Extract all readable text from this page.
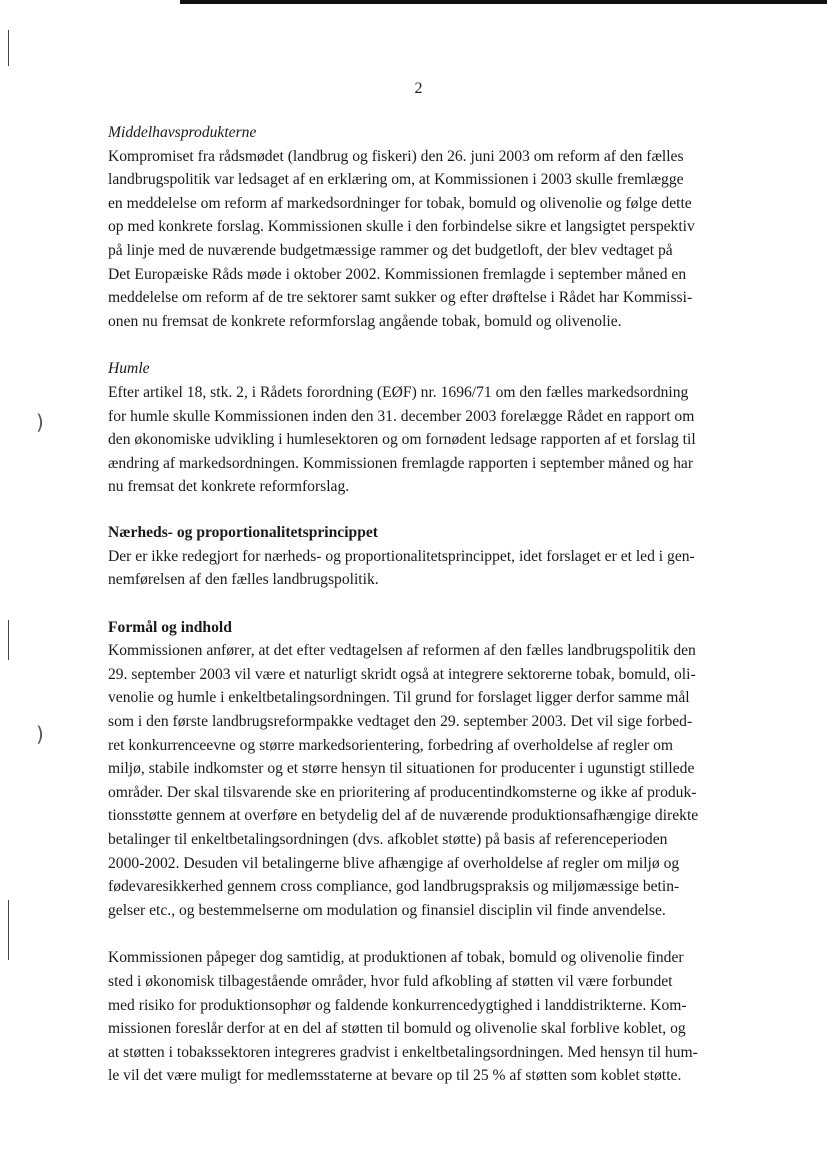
)
)
2

Middelhavsprodukterne

Kompromiset fra rådsmødet (landbrug og fiskeri) den 26. juni 2003 om reform af den fælles
landbrugspolitik var ledsaget af en erklæring om, at Kommissionen i 2003 skulle fremlægge
en meddelelse om reform af markedsordninger for tobak, bomuld og olivenolie og følge dette
op med konkrete forslag. Kommissionen skulle i den forbindelse sikre et langsigtet perspektiv
på linje med de nuværende budgetmæssige rammer og det budgetloft, der blev vedtaget på
Det Europæiske Råds møde i oktober 2002. Kommissionen fremlagde i september måned en
meddelelse om reform af de tre sektorer samt sukker og efter drøftelse i Rådet har Kommissi-
onen nu fremsat de konkrete reformforslag angående tobak, bomuld og olivenolie.

Humle

Efter artikel 18, stk. 2, i Rådets forordning (EØF) nr. 1696/71 om den fælles markedsordning
for humle skulle Kommissionen inden den 31. december 2003 forelægge Rådet en rapport om
den økonomiske udvikling i humlesektoren og om fornødent ledsage rapporten af et forslag til
ændring af markedsordningen. Kommissionen fremlagde rapporten i september måned og har
nu fremsat det konkrete reformforslag.

Nærheds- og proportionalitetsprincippet

Der er ikke redegjort for nærheds- og proportionalitetsprincippet, idet forslaget er et led i gen-
nemførelsen af den fælles landbrugspolitik.

Formål og indhold

Kommissionen anfører, at det efter vedtagelsen af reformen af den fælles landbrugspolitik den
29. september 2003 vil være et naturligt skridt også at integrere sektorerne tobak, bomuld, oli-
venolie og humle i enkeltbetalingsordningen. Til grund for forslaget ligger derfor samme mål
som i den første landbrugsreformpakke vedtaget den 29. september 2003. Det vil sige forbed-
ret konkurrenceevne og større markedsorientering, forbedring af overholdelse af regler om
miljø, stabile indkomster og et større hensyn til situationen for producenter i ugunstigt stillede
områder. Der skal tilsvarende ske en prioritering af producentindkomsterne og ikke af produk-
tionsstøtte gennem at overføre en betydelig del af de nuværende produktionsafhængige direkte
betalinger til enkeltbetalingsordningen (dvs. afkoblet støtte) på basis af referenceperioden
2000-2002. Desuden vil betalingerne blive afhængige af overholdelse af regler om miljø og
fødevaresikkerhed gennem cross compliance, god landbrugspraksis og miljømæssige betin-
gelser etc., og bestemmelserne om modulation og finansiel disciplin vil finde anvendelse.

Kommissionen påpeger dog samtidig, at produktionen af tobak, bomuld og olivenolie finder
sted i økonomisk tilbagestående områder, hvor fuld afkobling af støtten vil være forbundet
med risiko for produktionsophør og faldende konkurrencedygtighed i landdistrikterne. Kom-
missionen foreslår derfor at en del af støtten til bomuld og olivenolie skal forblive koblet, og
at støtten i tobakssektoren integreres gradvist i enkeltbetalingsordningen. Med hensyn til hum-
le vil det være muligt for medlemsstaterne at bevare op til 25 % af støtten som koblet støtte.
